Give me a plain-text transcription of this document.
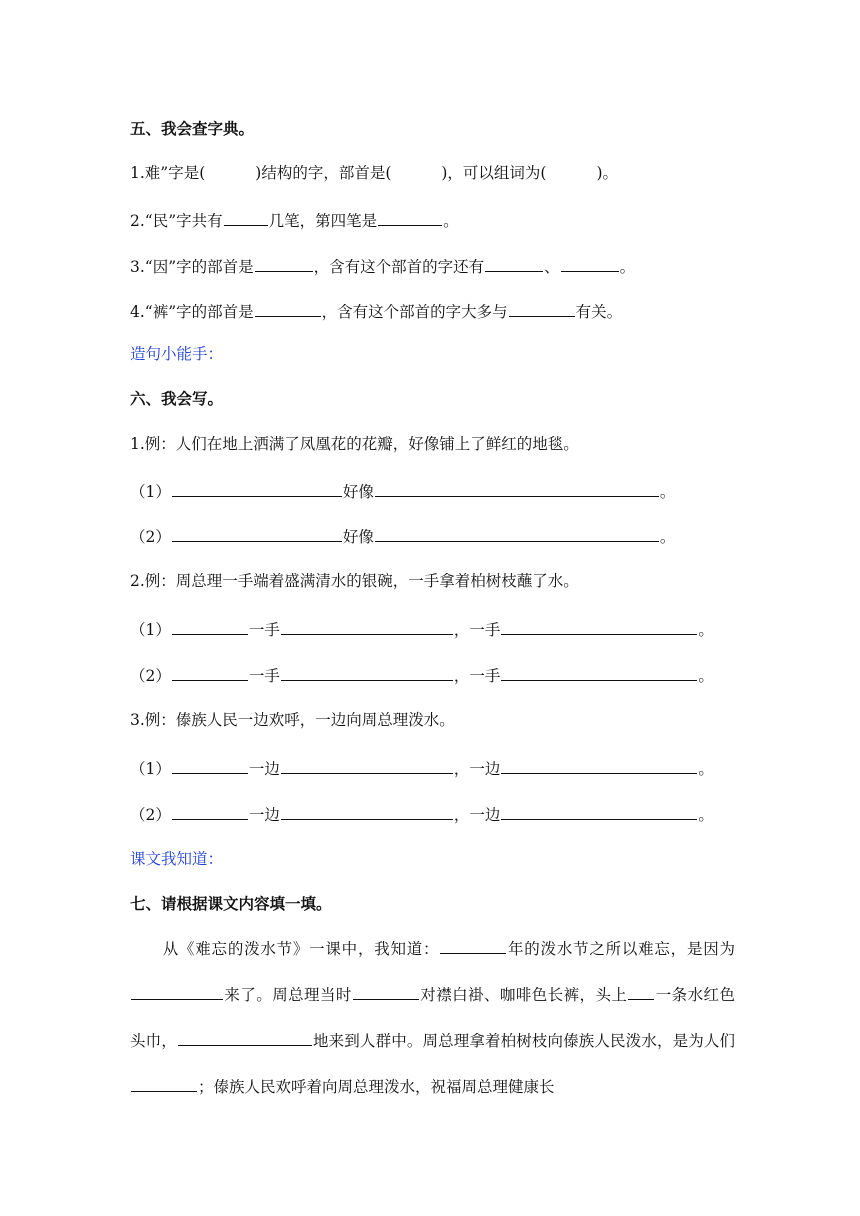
五、我会查字典。
1.难”字是(	)结构的字，部首是(	)，可以组词为(	)。
2.“民”字共有	几笔，第四笔是	。
3.“因”字的部首是	，含有这个部首的字还有	、	。
4.“裤”字的部首是	，含有这个部首的字大多与	有关。
造句小能手：
六、我会写。
1.例：人们在地上洒满了凤凰花的花瓣，好像铺上了鲜红的地毯。
（1）	好像	。
（2）	好像	。
2.例：周总理一手端着盛满清水的银碗，一手拿着柏树枝蘸了水。
（1）	一手	，一手	。
（2）	一手	，一手	。
3.例：傣族人民一边欢呼，一边向周总理泼水。
（1）	一边	，一边	。
（2）	一边	，一边	。
课文我知道：
七、请根据课文内容填一填。
从《难忘的泼水节》一课中，我知道：	年的泼水节之所以难忘，是因为来了。周总理当时	对襟白褂、咖啡色长裤，头上 一条水红色头巾，	地来到人群中。周总理拿着柏树枝向傣族人民泼水，是为人们；傣族人民欢呼着向周总理泼水，祝福周总理健康长
